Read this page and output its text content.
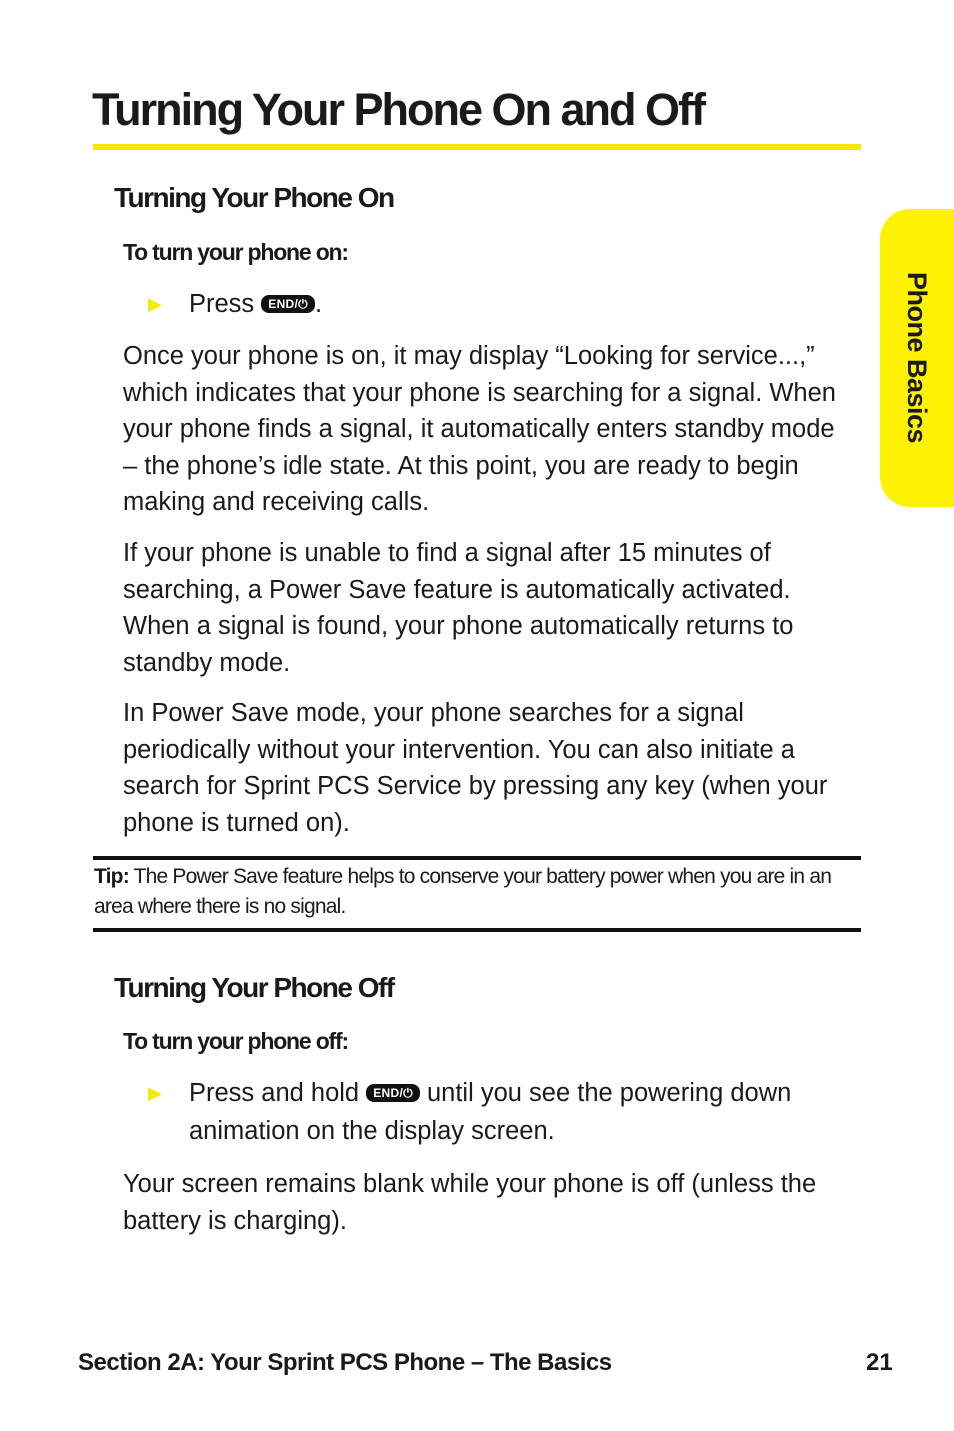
Turning Your Phone On and Off
Phone Basics
Turning Your Phone On

To turn your phone on:

▶ Press END/⏻ .

Once your phone is on, it may display “Looking for service...,” which indicates that your phone is searching for a signal. When your phone finds a signal, it automatically enters standby mode – the phone’s idle state. At this point, you are ready to begin making and receiving calls.

If your phone is unable to find a signal after 15 minutes of searching, a Power Save feature is automatically activated. When a signal is found, your phone automatically returns to standby mode.

In Power Save mode, your phone searches for a signal periodically without your intervention. You can also initiate a search for Sprint PCS Service by pressing any key (when your phone is turned on).

Tip: The Power Save feature helps to conserve your battery power when you are in an area where there is no signal.

Turning Your Phone Off

To turn your phone off:

▶ Press and hold END/⏻ until you see the powering down

animation on the display screen.

Your screen remains blank while your phone is off (unless the battery is charging).

Section 2A: Your Sprint PCS Phone – The Basics	21
